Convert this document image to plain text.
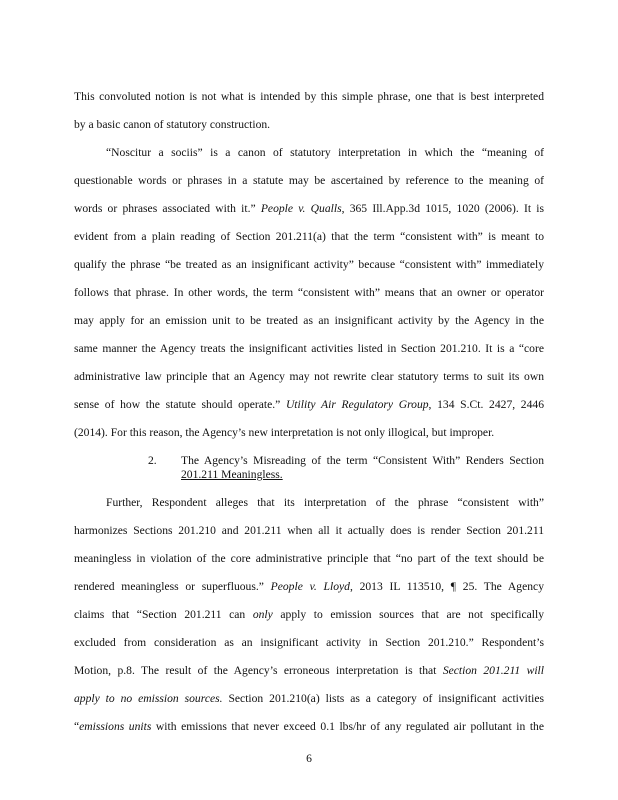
This convoluted notion is not what is intended by this simple phrase, one that is best interpreted
by a basic canon of statutory construction.
“Noscitur a sociis” is a canon of statutory interpretation in which the “meaning of
questionable words or phrases in a statute may be ascertained by reference to the meaning of
words or phrases associated with it.” People v. Qualls, 365 Ill.App.3d 1015, 1020 (2006). It is
evident from a plain reading of Section 201.211(a) that the term “consistent with” is meant to
qualify the phrase “be treated as an insignificant activity” because “consistent with” immediately
follows that phrase. In other words, the term “consistent with” means that an owner or operator
may apply for an emission unit to be treated as an insignificant activity by the Agency in the
same manner the Agency treats the insignificant activities listed in Section 201.210. It is a “core
administrative law principle that an Agency may not rewrite clear statutory terms to suit its own
sense of how the statute should operate.” Utility Air Regulatory Group, 134 S.Ct. 2427, 2446
(2014). For this reason, the Agency’s new interpretation is not only illogical, but improper.
2. The Agency’s Misreading of the term “Consistent With” Renders Section
201.211 Meaningless.
Further, Respondent alleges that its interpretation of the phrase “consistent with”
harmonizes Sections 201.210 and 201.211 when all it actually does is render Section 201.211
meaningless in violation of the core administrative principle that “no part of the text should be
rendered meaningless or superfluous.” People v. Lloyd, 2013 IL 113510, ¶ 25. The Agency
claims that “Section 201.211 can only apply to emission sources that are not specifically
excluded from consideration as an insignificant activity in Section 201.210.” Respondent’s
Motion, p.8. The result of the Agency’s erroneous interpretation is that Section 201.211 will
apply to no emission sources. Section 201.210(a) lists as a category of insignificant activities
“emissions units with emissions that never exceed 0.1 lbs/hr of any regulated air pollutant in the
6
